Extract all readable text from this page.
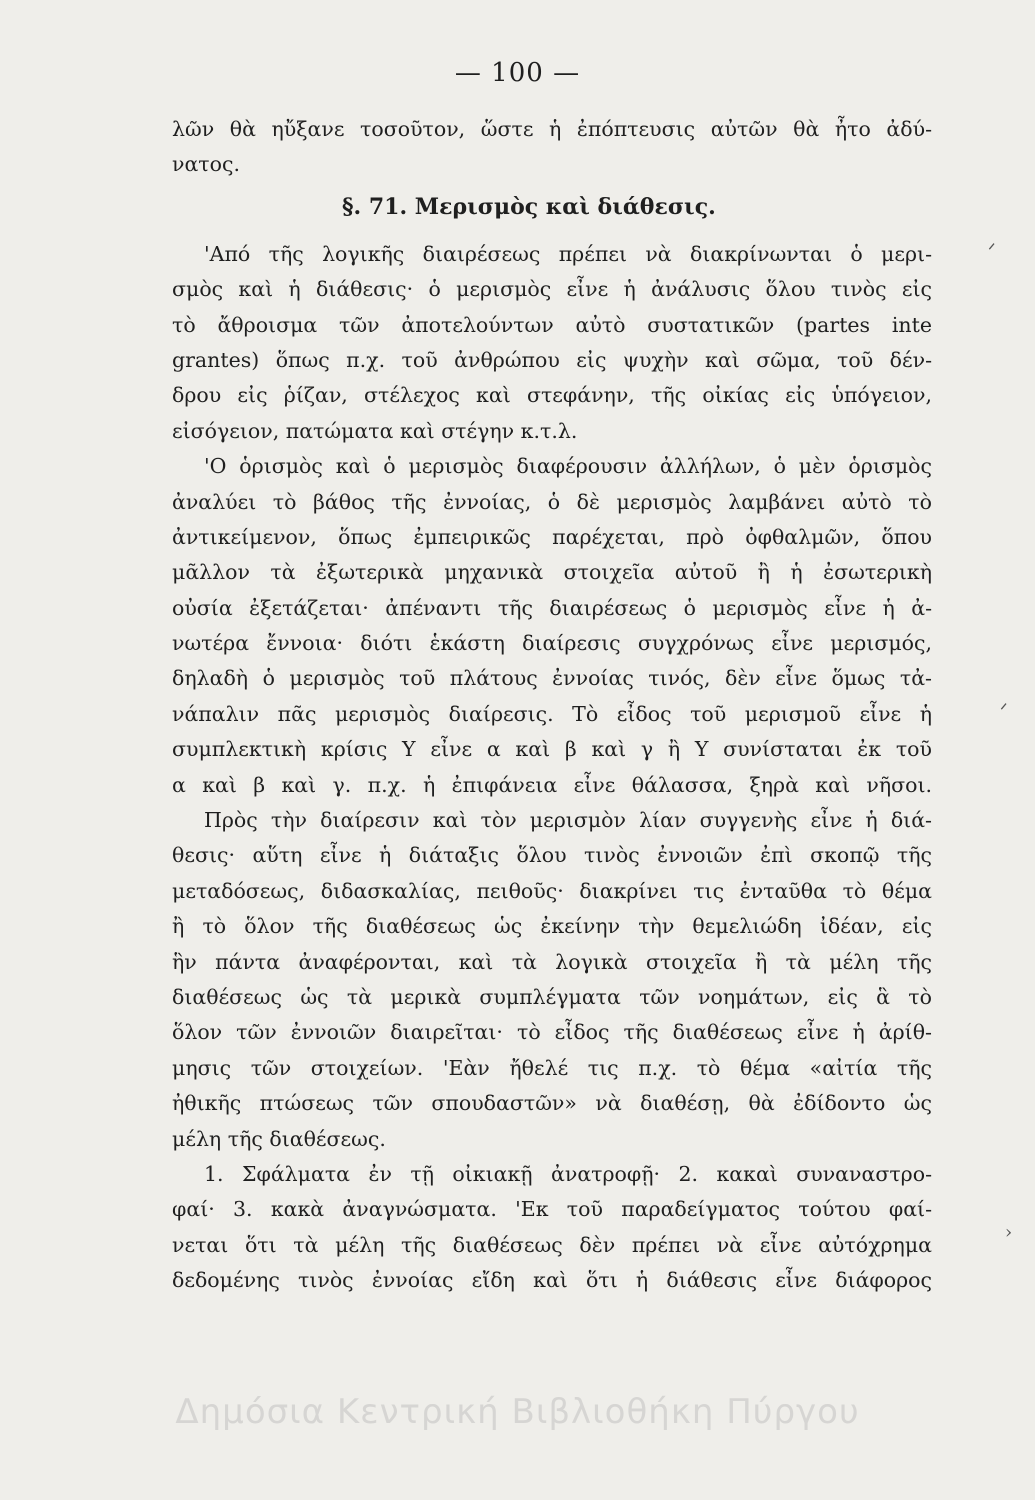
— 100 —
λῶν θὰ ηὔξανε τοσοῦτον, ὥστε ἡ ἐπόπτευσις αὐτῶν θὰ ἦτο ἀδύ-
νατος.
§. 71. Μερισμὸς καὶ διάθεσις.
'Από τῆς λογικῆς διαιρέσεως πρέπει νὰ διακρίνωνται ὁ μερι-
σμὸς καὶ ἡ διάθεσις· ὁ μερισμὸς εἶνε ἡ ἀνάλυσις ὅλου τινὸς εἰς
τὸ ἄθροισμα τῶν ἀποτελούντων αὐτὸ συστατικῶν (partes inte
grantes) ὅπως π.χ. τοῦ ἀνθρώπου εἰς ψυχὴν καὶ σῶμα, τοῦ δέν-
δρου εἰς ῥίζαν, στέλεχος καὶ στεφάνην, τῆς οἰκίας εἰς ὑπόγειον,
εἰσόγειον, πατώματα καὶ στέγην κ.τ.λ.
'Ο ὁρισμὸς καὶ ὁ μερισμὸς διαφέρουσιν ἀλλήλων, ὁ μὲν ὁρισμὸς
ἀναλύει τὸ βάθος τῆς ἐννοίας, ὁ δὲ μερισμὸς λαμβάνει αὐτὸ τὸ
ἀντικείμενον, ὅπως ἐμπειρικῶς παρέχεται, πρὸ ὀφθαλμῶν, ὅπου
μᾶλλον τὰ ἐξωτερικὰ μηχανικὰ στοιχεῖα αὐτοῦ ἢ ἡ ἐσωτερικὴ
οὐσία ἐξετάζεται· ἀπέναντι τῆς διαιρέσεως ὁ μερισμὸς εἶνε ἡ ἀ-
νωτέρα ἔννοια· διότι ἑκάστη διαίρεσις συγχρόνως εἶνε μερισμός,
δηλαδὴ ὁ μερισμὸς τοῦ πλάτους ἐννοίας τινός, δὲν εἶνε ὅμως τἀ-
νάπαλιν πᾶς μερισμὸς διαίρεσις. Τὸ εἶδος τοῦ μερισμοῦ εἶνε ἡ
συμπλεκτικὴ κρίσις Υ εἶνε α καὶ β καὶ γ ἢ Υ συνίσταται ἐκ τοῦ
α καὶ β καὶ γ. π.χ. ἡ ἐπιφάνεια εἶνε θάλασσα, ξηρὰ καὶ νῆσοι.
Πρὸς τὴν διαίρεσιν καὶ τὸν μερισμὸν λίαν συγγενὴς εἶνε ἡ διά-
θεσις· αὕτη εἶνε ἡ διάταξις ὅλου τινὸς ἐννοιῶν ἐπὶ σκοπῷ τῆς
μεταδόσεως, διδασκαλίας, πειθοῦς· διακρίνει τις ἐνταῦθα τὸ θέμα
ἢ τὸ ὅλον τῆς διαθέσεως ὡς ἐκείνην τὴν θεμελιώδη ἰδέαν, εἰς
ἣν πάντα ἀναφέρονται, καὶ τὰ λογικὰ στοιχεῖα ἢ τὰ μέλη τῆς
διαθέσεως ὡς τὰ μερικὰ συμπλέγματα τῶν νοημάτων, εἰς ἃ τὸ
ὅλον τῶν ἐννοιῶν διαιρεῖται· τὸ εἶδος τῆς διαθέσεως εἶνε ἡ ἀρίθ-
μησις τῶν στοιχείων. 'Εὰν ἤθελέ τις π.χ. τὸ θέμα «αἰτία τῆς
ἠθικῆς πτώσεως τῶν σπουδαστῶν» νὰ διαθέσῃ, θὰ ἐδίδοντο ὡς
μέλη τῆς διαθέσεως.
1. Σφάλματα ἐν τῇ οἰκιακῇ ἀνατροφῇ· 2. κακαὶ συναναστρο-
φαί· 3. κακὰ ἀναγνώσματα. 'Εκ τοῦ παραδείγματος τούτου φαί-
νεται ὅτι τὰ μέλη τῆς διαθέσεως δὲν πρέπει νὰ εἶνε αὐτόχρημα
δεδομένης τινὸς ἐννοίας εἴδη καὶ ὅτι ἡ διάθεσις εἶνε διάφορος
ᐟ
ᐟ
›
Δημόσια Κεντρική Βιβλιοθήκη Πύργου
